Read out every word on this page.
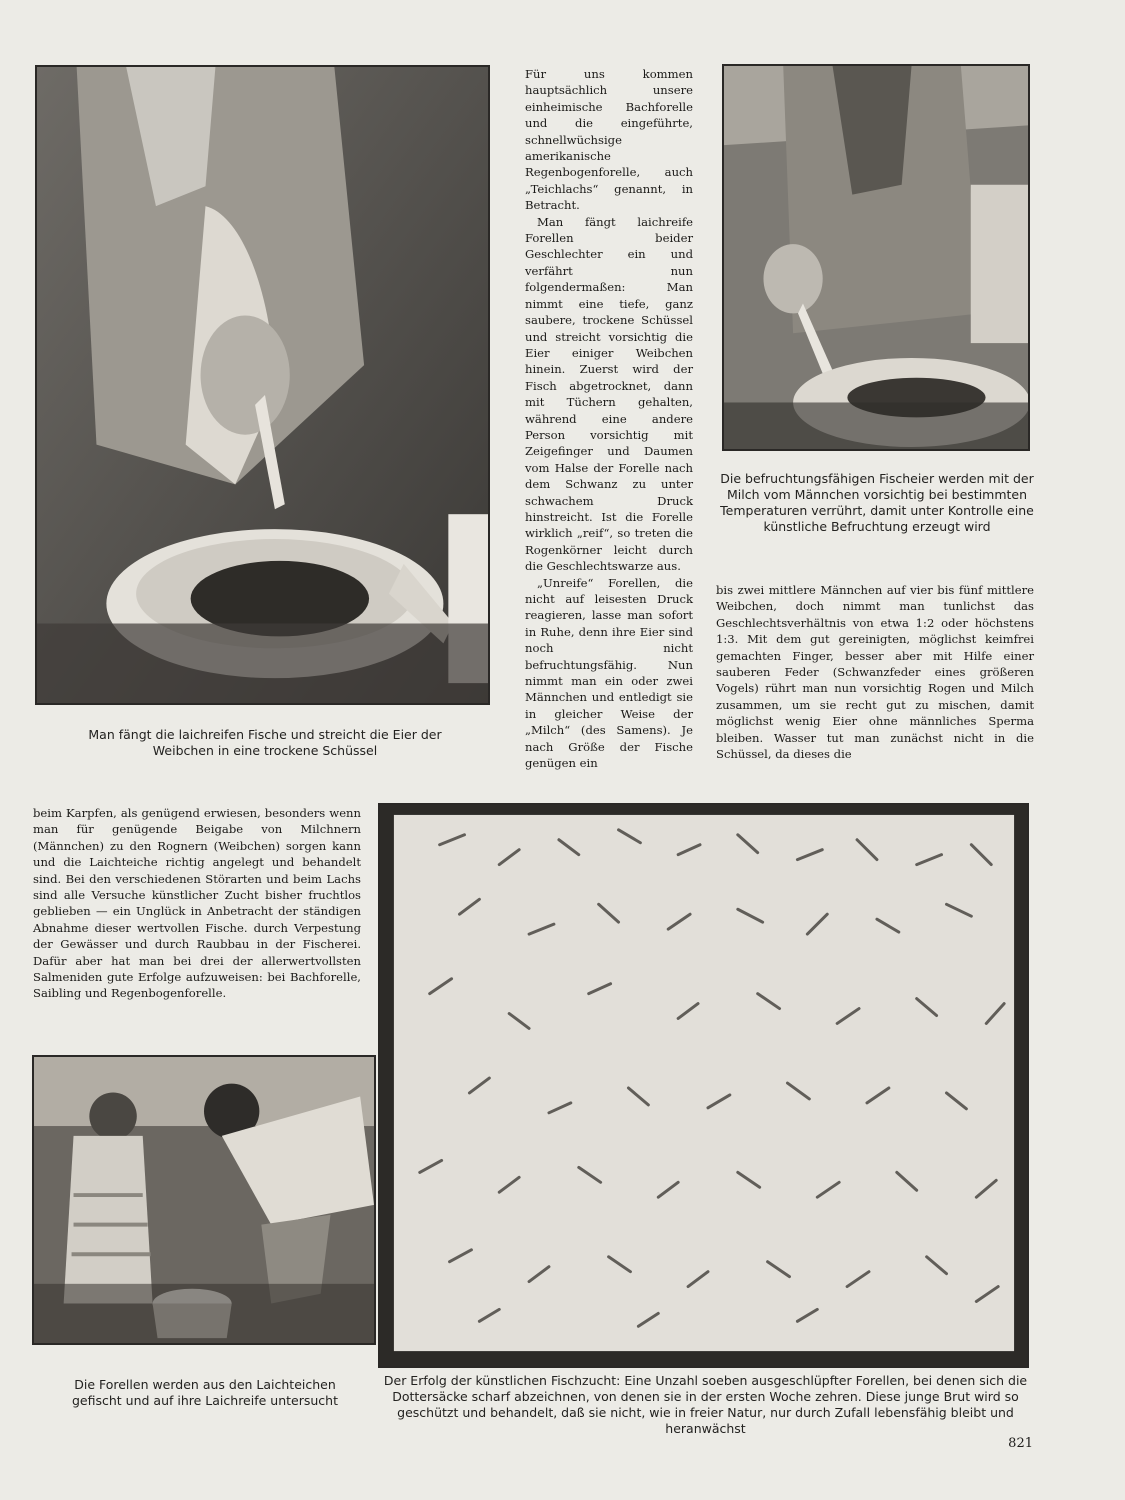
Man fängt die laichreifen Fische und streicht die Eier der Weibchen in eine trockene Schüssel

Für uns kommen hauptsächlich unsere einheimische Bachforelle und die eingeführte, schnellwüchsige amerikanische Regenbogenforelle, auch „Teichlachs“ genannt, in Betracht.

Man fängt laichreife Forellen beider Geschlechter ein und verfährt nun folgendermaßen: Man nimmt eine tiefe, ganz saubere, trockene Schüssel und streicht vorsichtig die Eier einiger Weibchen hinein. Zuerst wird der Fisch abgetrocknet, dann mit Tüchern gehalten, während eine andere Person vorsichtig mit Zeigefinger und Daumen vom Halse der Forelle nach dem Schwanz zu unter schwachem Druck hinstreicht. Ist die Forelle wirklich „reif“, so treten die Rogenkörner leicht durch die Geschlechtswarze aus.

„Unreife“ Forellen, die nicht auf leisesten Druck reagieren, lasse man sofort in Ruhe, denn ihre Eier sind noch nicht befruchtungsfähig. Nun nimmt man ein oder zwei Männchen und entledigt sie in gleicher Weise der „Milch“ (des Samens). Je nach Größe der Fische genügen ein

Die befruchtungsfähigen Fischeier werden mit der Milch vom Männchen vorsichtig bei bestimmten Temperaturen verrührt, damit unter Kontrolle eine künstliche Befruchtung erzeugt wird
bis zwei mittlere Männchen auf vier bis fünf mittlere Weibchen, doch nimmt man tunlichst das Geschlechtsverhältnis von etwa 1:2 oder höchstens 1:3. Mit dem gut gereinigten, möglichst keimfrei gemachten Finger, besser aber mit Hilfe einer sauberen Feder (Schwanzfeder eines größeren Vogels) rührt man nun vorsichtig Rogen und Milch zusammen, um sie recht gut zu mischen, damit möglichst wenig Eier ohne männliches Sperma bleiben. Wasser tut man zunächst nicht in die Schüssel, da dieses die
beim Karpfen, als genügend erwiesen, besonders wenn man für genügende Beigabe von Milchnern (Männchen) zu den Rognern (Weibchen) sorgen kann und die Laichteiche richtig angelegt und behandelt sind. Bei den verschiedenen Störarten und beim Lachs sind alle Versuche künstlicher Zucht bisher fruchtlos geblieben — ein Unglück in Anbetracht der ständigen Abnahme dieser wertvollen Fische. durch Verpestung der Gewässer und durch Raubbau in der Fischerei. Dafür aber hat man bei drei der allerwertvollsten Salmeniden gute Erfolge aufzuweisen: bei Bachforelle, Saibling und Regenbogenforelle.
Die Forellen werden aus den Laichteichen gefischt und auf ihre Laichreife untersucht
Der Erfolg der künstlichen Fischzucht: Eine Unzahl soeben ausgeschlüpfter Forellen, bei denen sich die Dottersäcke scharf abzeichnen, von denen sie in der ersten Woche zehren. Diese junge Brut wird so geschützt und behandelt, daß sie nicht, wie in freier Natur, nur durch Zufall lebensfähig bleibt und heranwächst
821
